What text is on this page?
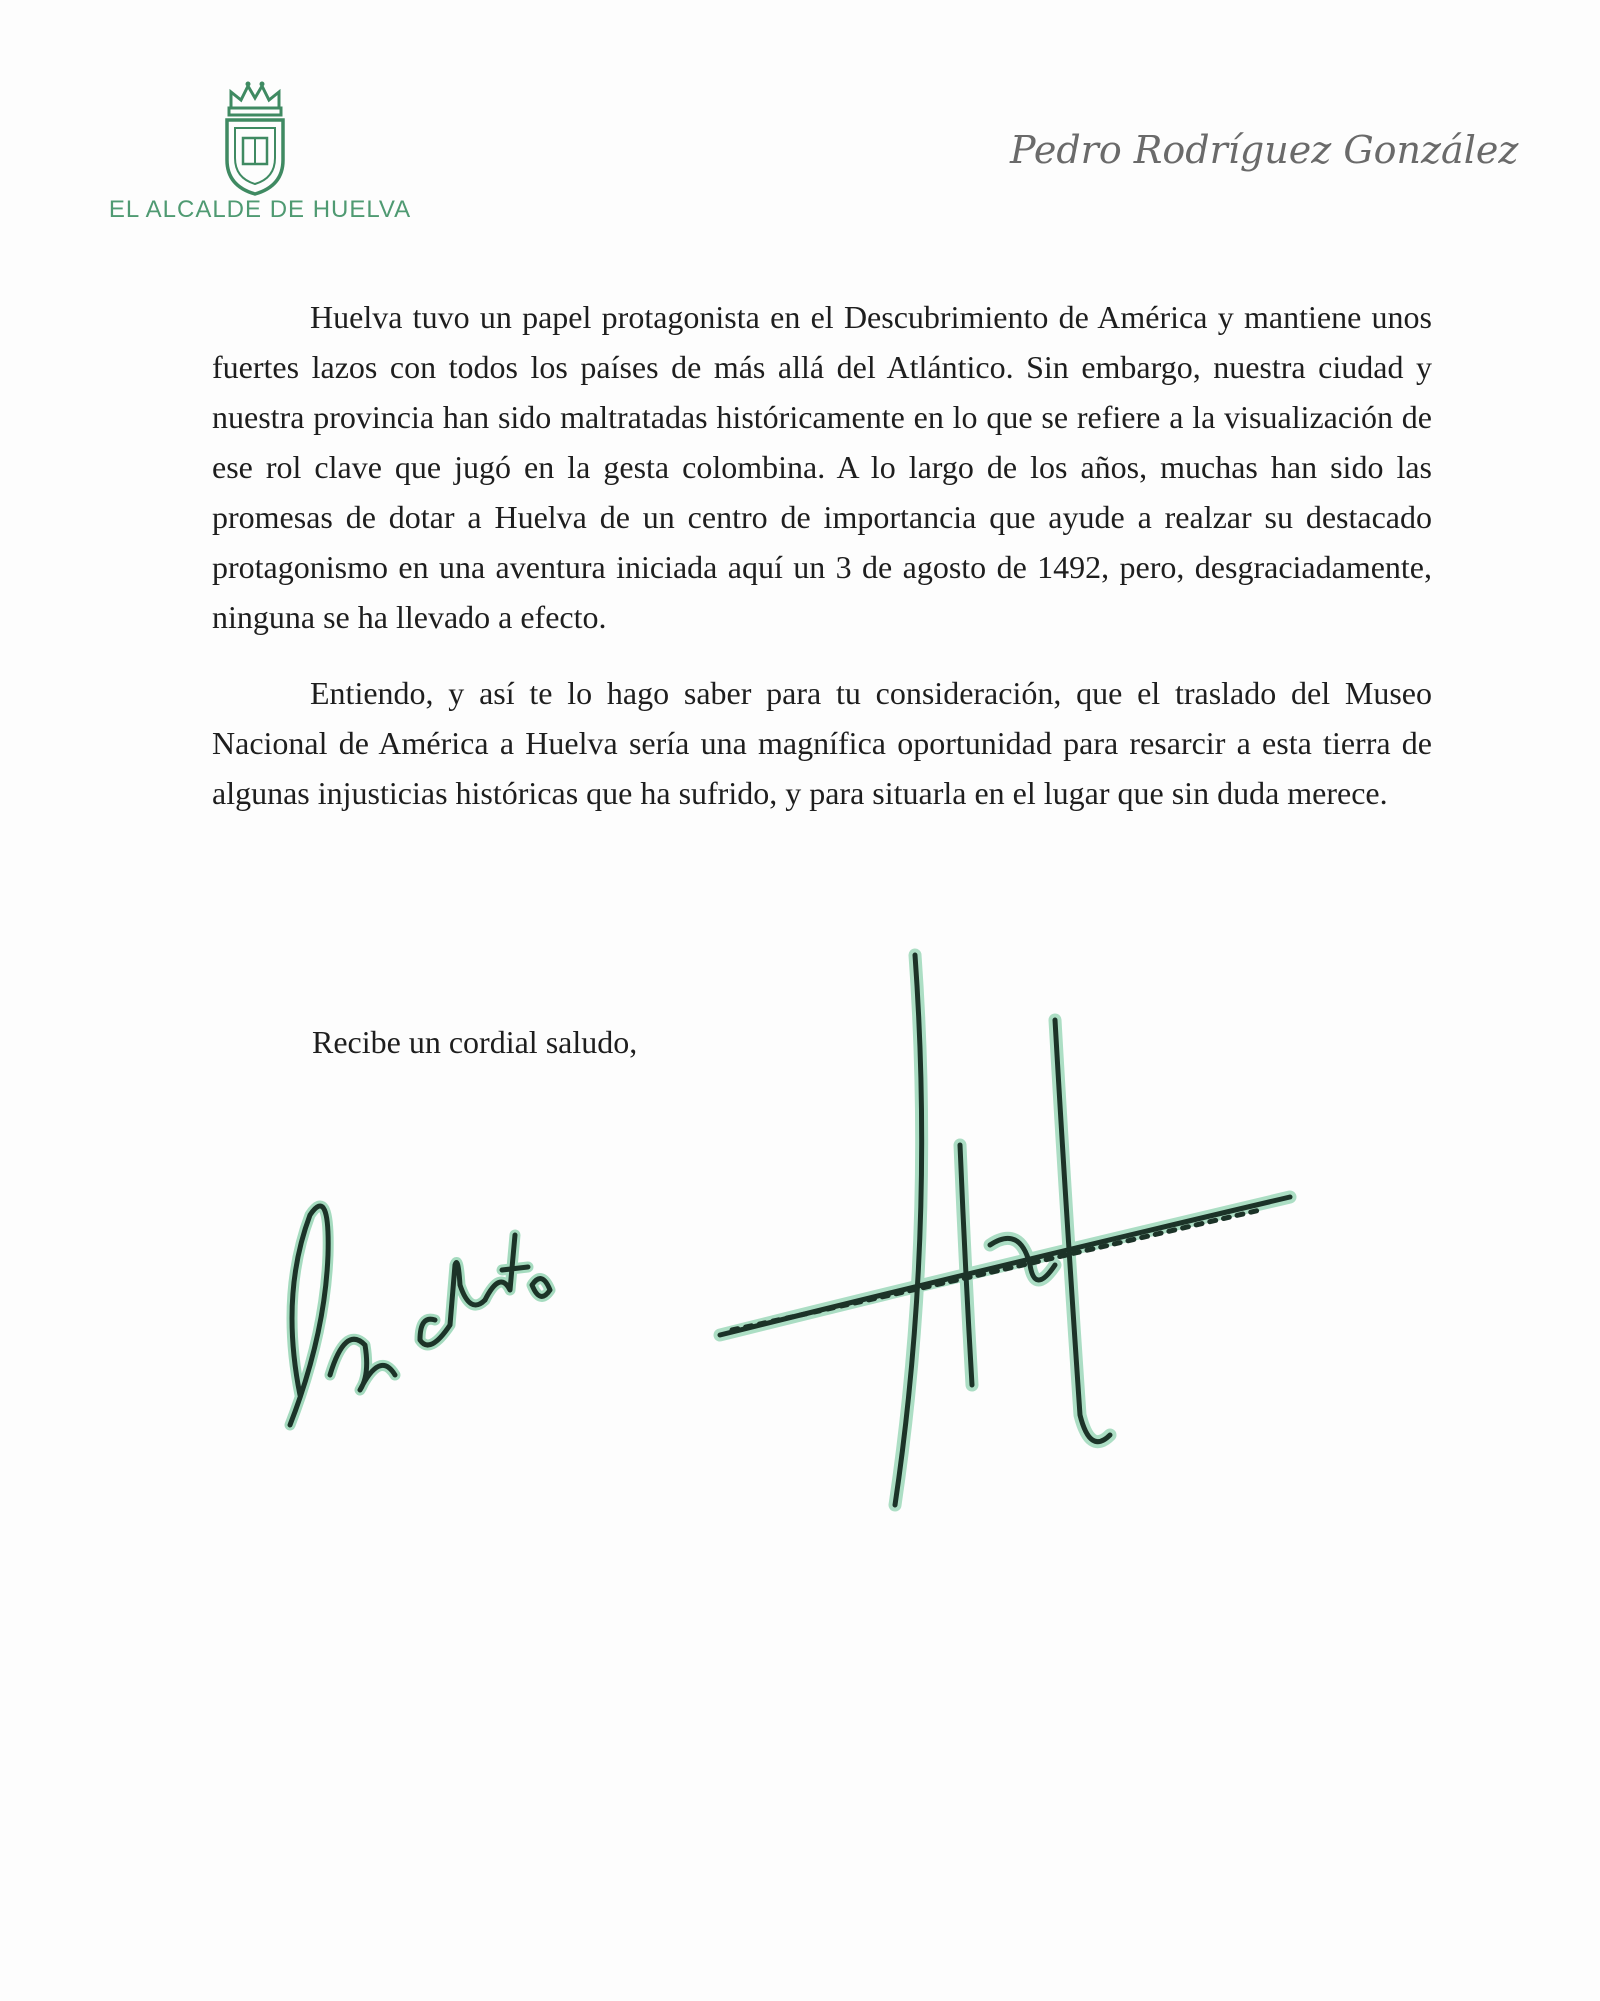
EL ALCALDE DE HUELVA
Pedro Rodríguez González

Huelva tuvo un papel protagonista en el Descubrimiento de América y mantiene unos fuertes lazos con todos los países de más allá del Atlántico. Sin embargo, nuestra ciudad y nuestra provincia han sido maltratadas históricamente en lo que se refiere a la visualización de ese rol clave que jugó en la gesta colombina. A lo largo de los años, muchas han sido las promesas de dotar a Huelva de un centro de importancia que ayude a realzar su destacado protagonismo en una aventura iniciada aquí un 3 de agosto de 1492, pero, desgraciadamente, ninguna se ha llevado a efecto.

Entiendo, y así te lo hago saber para tu consideración, que el traslado del Museo Nacional de América a Huelva sería una magnífica oportunidad para resarcir a esta tierra de algunas injusticias históricas que ha sufrido, y para situarla en el lugar que sin duda merece.

Recibe un cordial saludo,
